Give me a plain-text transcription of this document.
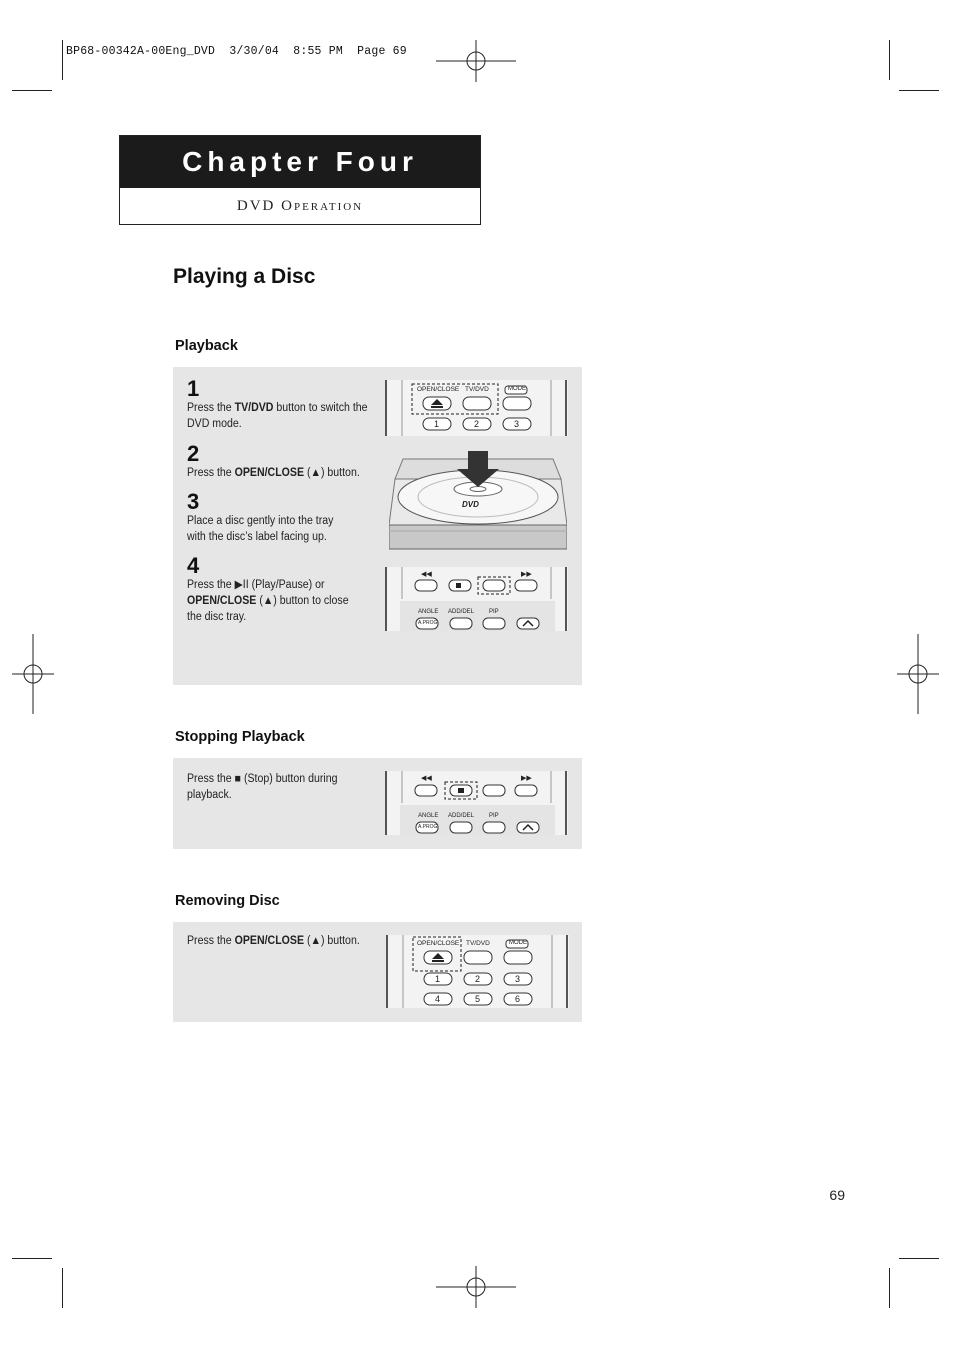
BP68-00342A-00Eng_DVD  3/30/04  8:55 PM  Page 69
Chapter Four
DVD Operation
Playing a Disc
Playback
1
Press the TV/DVD button to switch the DVD mode.
2
Press the OPEN/CLOSE (▲) button.
3
Place a disc gently into the tray with the disc’s label facing up.
4
Press the ▶II (Play/Pause) or OPEN/CLOSE (▲) button to close the disc tray.
OPEN/CLOSE TV/DVD	MODE
1	2	3
DVD
◀◀	▶▶
ANGLE ADD/DEL PIP
A.PROG
Stopping Playback
Press the ■ (Stop) button during playback.
◀◀	▶▶
ANGLE ADD/DEL PIP
A.PROG
Removing Disc
Press the OPEN/CLOSE (▲) button.	OPEN/CLOSE TV/DVD	MODE
1	2	3
4	5	6
69
